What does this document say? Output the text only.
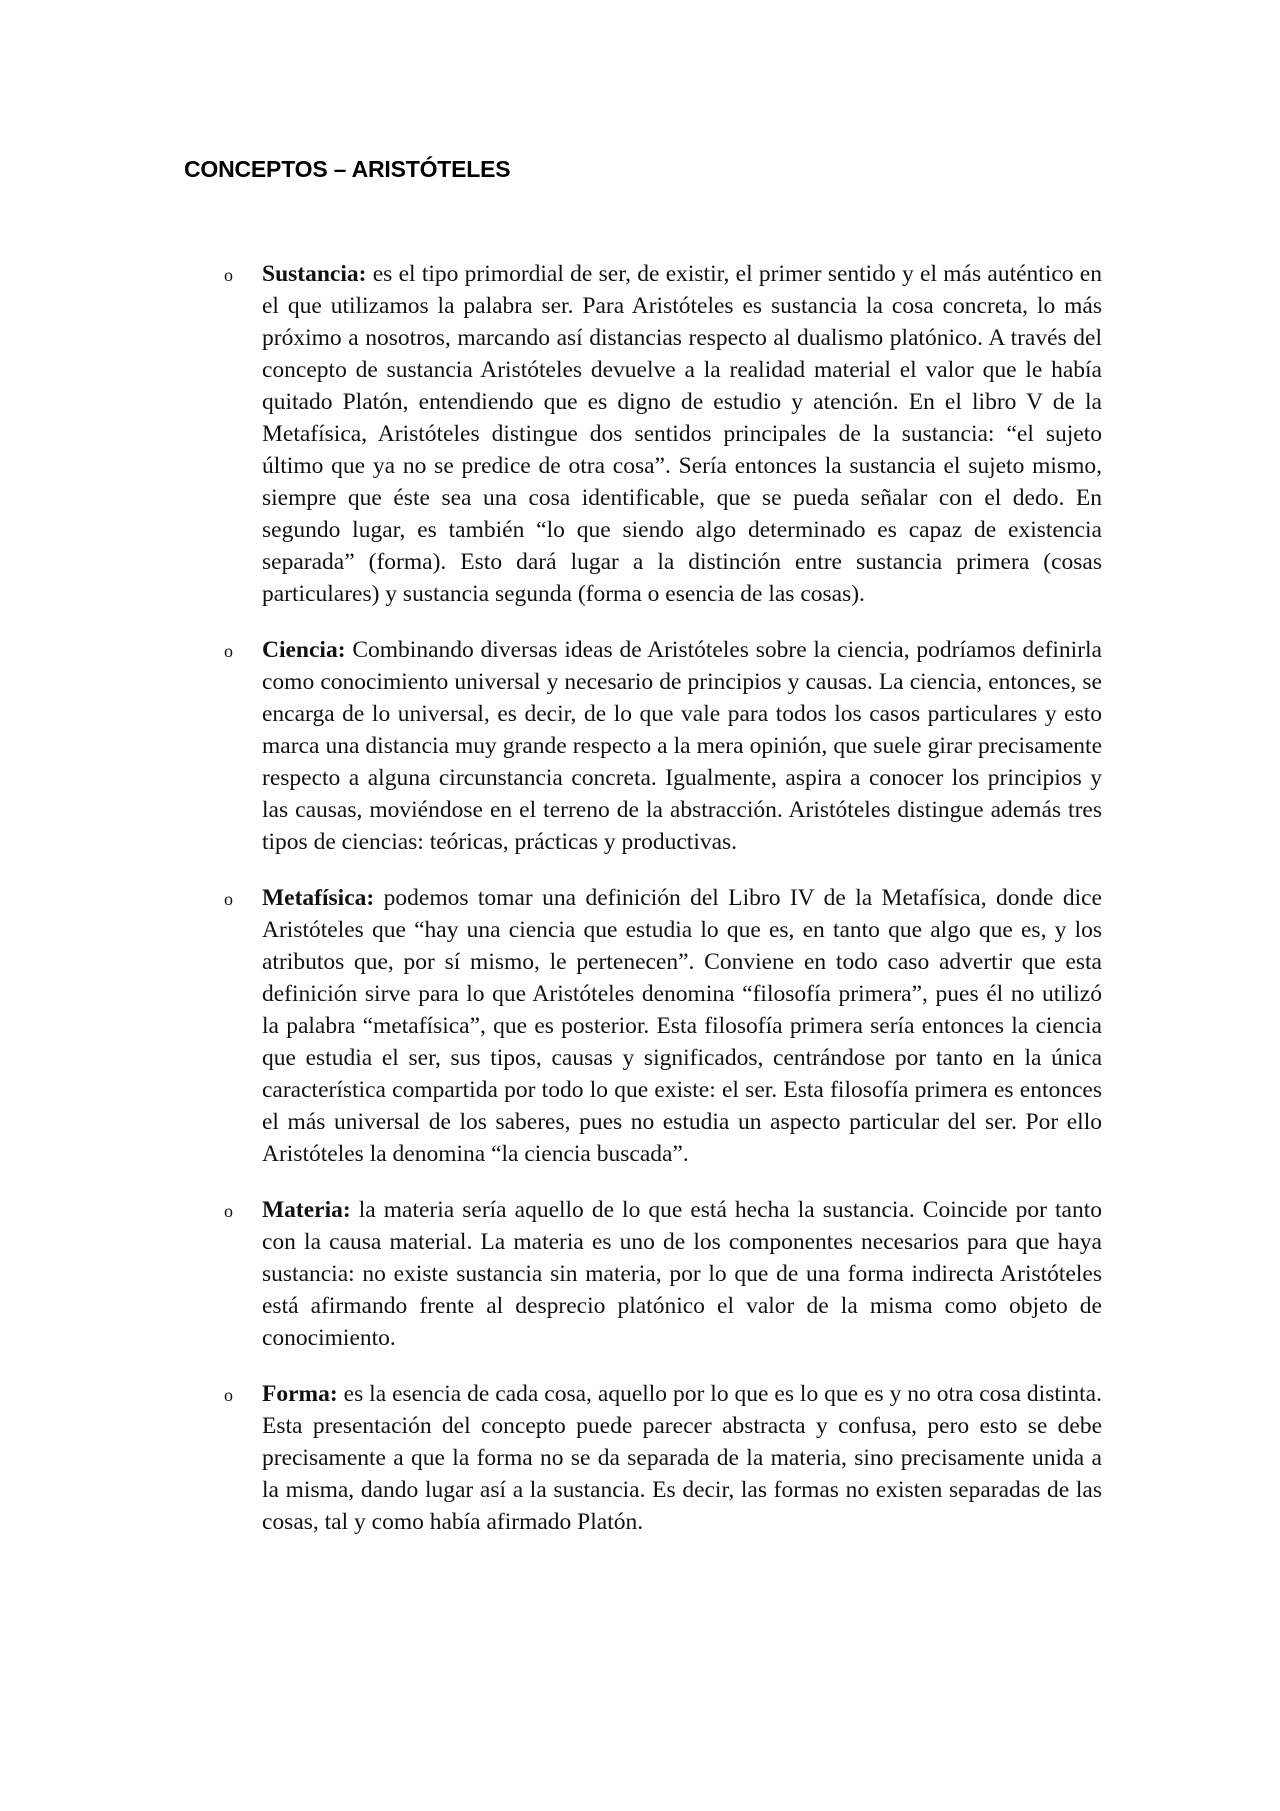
CONCEPTOS – ARISTÓTELES
o Sustancia: es el tipo primordial de ser, de existir, el primer sentido y el más auténtico en el que utilizamos la palabra ser. Para Aristóteles es sustancia la cosa concreta, lo más próximo a nosotros, marcando así distancias respecto al dualismo platónico. A través del concepto de sustancia Aristóteles devuelve a la realidad material el valor que le había quitado Platón, entendiendo que es digno de estudio y atención. En el libro V de la Metafísica, Aristóteles distingue dos sentidos principales de la sustancia: “el sujeto último que ya no se predice de otra cosa”. Sería entonces la sustancia el sujeto mismo, siempre que éste sea una cosa identificable, que se pueda señalar con el dedo. En segundo lugar, es también “lo que siendo algo determinado es capaz de existencia separada” (forma). Esto dará lugar a la distinción entre sustancia primera (cosas particulares) y sustancia segunda (forma o esencia de las cosas).
o Ciencia: Combinando diversas ideas de Aristóteles sobre la ciencia, podríamos definirla como conocimiento universal y necesario de principios y causas. La ciencia, entonces, se encarga de lo universal, es decir, de lo que vale para todos los casos particulares y esto marca una distancia muy grande respecto a la mera opinión, que suele girar precisamente respecto a alguna circunstancia concreta. Igualmente, aspira a conocer los principios y las causas, moviéndose en el terreno de la abstracción. Aristóteles distingue además tres tipos de ciencias: teóricas, prácticas y productivas.
o Metafísica: podemos tomar una definición del Libro IV de la Metafísica, donde dice Aristóteles que “hay una ciencia que estudia lo que es, en tanto que algo que es, y los atributos que, por sí mismo, le pertenecen”. Conviene en todo caso advertir que esta definición sirve para lo que Aristóteles denomina “filosofía primera”, pues él no utilizó la palabra “metafísica”, que es posterior. Esta filosofía primera sería entonces la ciencia que estudia el ser, sus tipos, causas y significados, centrándose por tanto en la única característica compartida por todo lo que existe: el ser. Esta filosofía primera es entonces el más universal de los saberes, pues no estudia un aspecto particular del ser. Por ello Aristóteles la denomina “la ciencia buscada”.
o Materia: la materia sería aquello de lo que está hecha la sustancia. Coincide por tanto con la causa material. La materia es uno de los componentes necesarios para que haya sustancia: no existe sustancia sin materia, por lo que de una forma indirecta Aristóteles está afirmando frente al desprecio platónico el valor de la misma como objeto de conocimiento.
o Forma: es la esencia de cada cosa, aquello por lo que es lo que es y no otra cosa distinta. Esta presentación del concepto puede parecer abstracta y confusa, pero esto se debe precisamente a que la forma no se da separada de la materia, sino precisamente unida a la misma, dando lugar así a la sustancia. Es decir, las formas no existen separadas de las cosas, tal y como había afirmado Platón.
